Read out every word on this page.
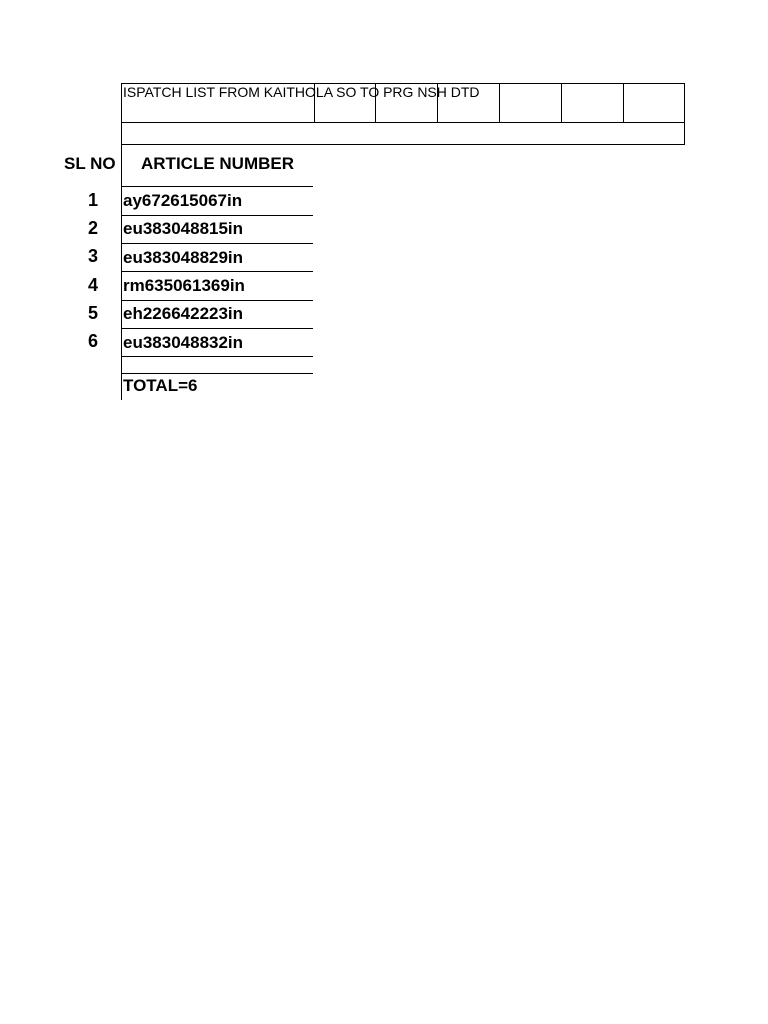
ISPATCH LIST FROM KAITHOLA SO TO PRG NSH DTD
SL NO ARTICLE NUMBER
1	ay672615067in
2	eu383048815in
3	eu383048829in
4	rm635061369in
5	eh226642223in
6	eu383048832in
TOTAL=6
